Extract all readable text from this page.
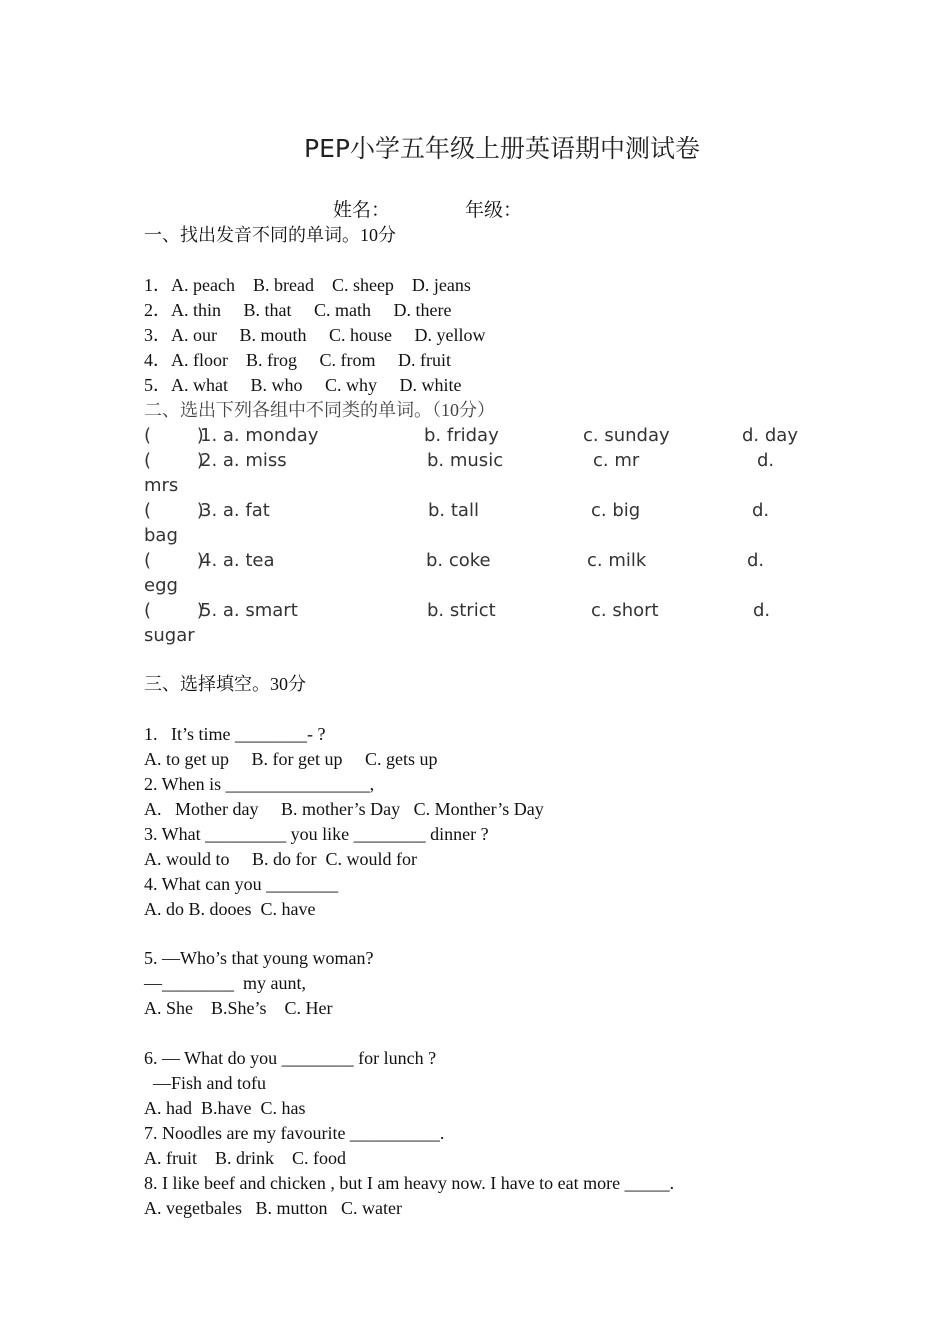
PEP小学五年级上册英语期中测试卷
姓名：	年级：
一、找出发音不同的单词。10分
1．A. peach    B. bread    C. sheep    D. jeans
2．A. thin     B. that     C. math     D. there
3．A. our     B. mouth     C. house     D. yellow
4．A. floor    B. frog     C. from     D. fruit
5．A. what     B. who     C. why     D. white
二、选出下列各组中不同类的单词。（10分）
(        )
1. a. monday	b. friday	c. sunday	d. day
(        )
2. a. miss	b. music	c. mr	d.
mrs
(        )
3. a. fat	b. tall	c. big	d.
bag
(        )
4. a. tea	b. coke	c. milk	d.
egg
(        )
5. a. smart	b. strict	c. short	d.
sugar
三、选择填空。30分
1.   It’s time ________- ?
A. to get up     B. for get up     C. gets up
2. When is ________________,
A.   Mother day     B. mother’s Day   C. Monther’s Day
3. What _________ you like ________ dinner ?
A. would to     B. do for  C. would for
4. What can you ________
A. do B. dooes  C. have
5. —Who’s that young woman?
—________  my aunt,
A. She    B.She’s    C. Her
6. — What do you ________ for lunch ?
—Fish and tofu
A. had  B.have  C. has
7. Noodles are my favourite __________.
A. fruit    B. drink    C. food
8. I like beef and chicken , but I am heavy now. I have to eat more _____.
A. vegetbales   B. mutton   C. water
